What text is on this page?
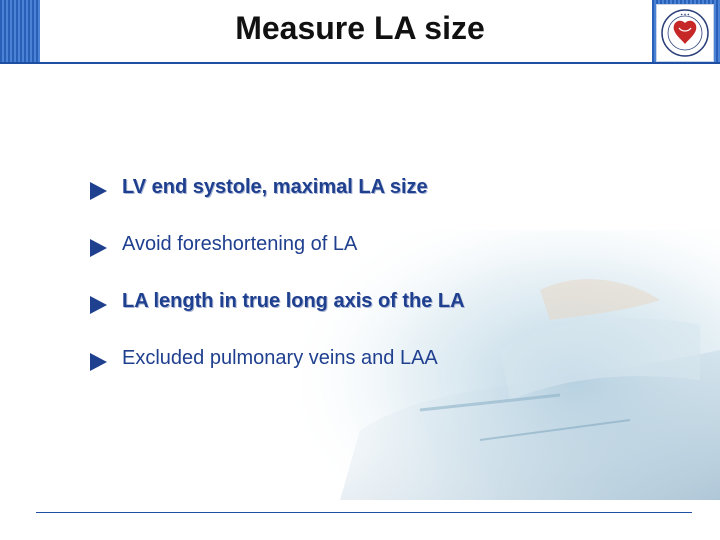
Measure LA size	✦✦✦
LV end systole, maximal LA size
Avoid foreshortening of LA
LA length in true long axis of the LA
Excluded pulmonary veins and LAA
